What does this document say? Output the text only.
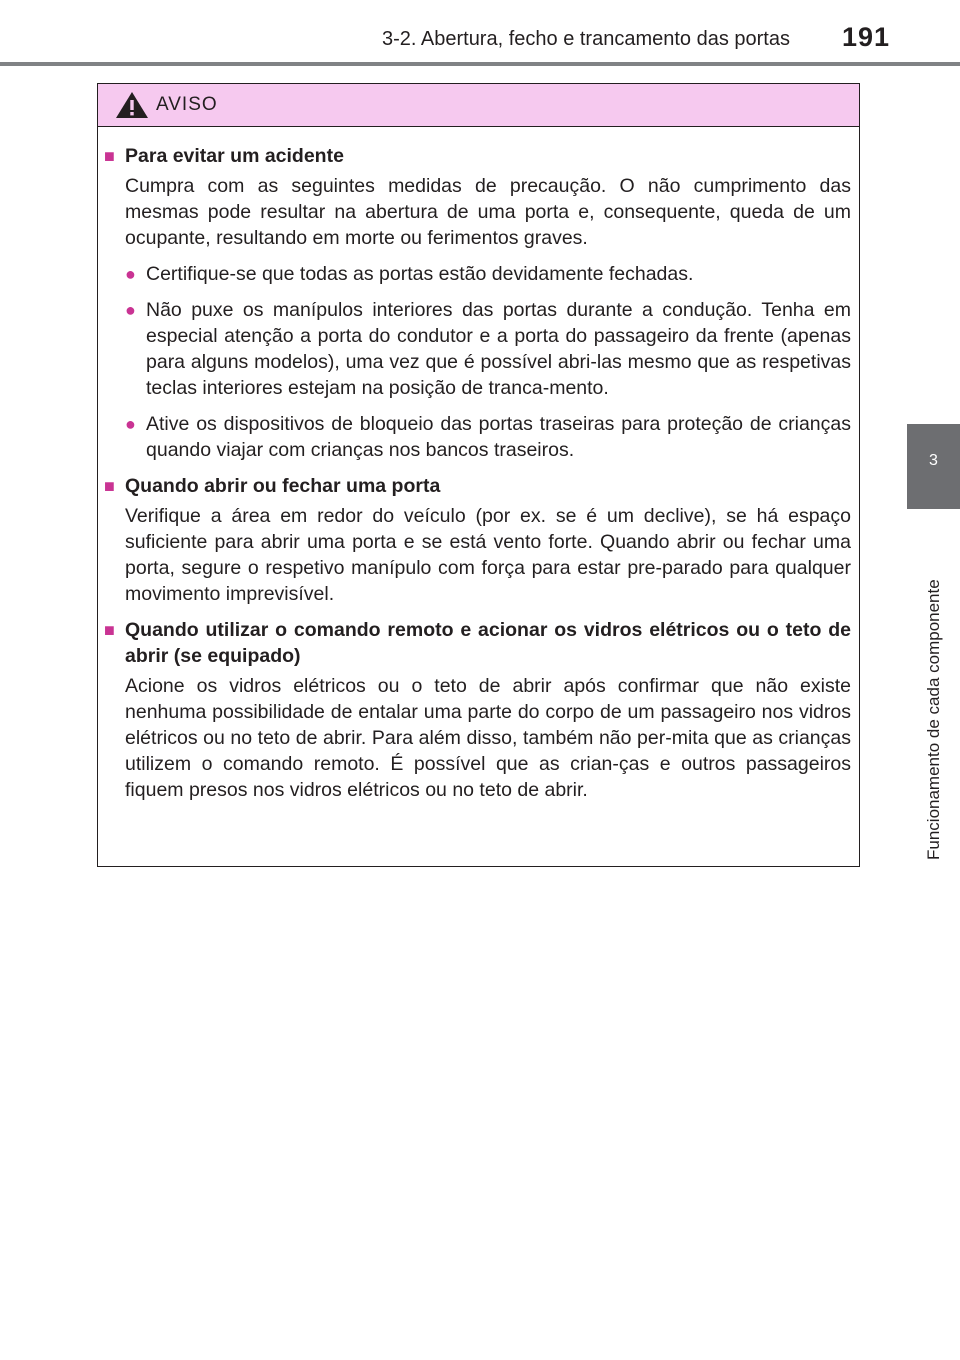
3-2. Abertura, fecho e trancamento das portas	191
3
Funcionamento de cada componente
AVISO
■ Para evitar um acidente
Cumpra com as seguintes medidas de precaução. O não cumprimento das mesmas pode resultar na abertura de uma porta e, consequente, queda de um ocupante, resultando em morte ou ferimentos graves.
● Certifique-se que todas as portas estão devidamente fechadas.
● Não puxe os manípulos interiores das portas durante a condução. Tenha em especial atenção a porta do condutor e a porta do passageiro da frente (apenas para alguns modelos), uma vez que é possível abri-las mesmo que as respetivas teclas interiores estejam na posição de tranca-mento.
● Ative os dispositivos de bloqueio das portas traseiras para proteção de crianças quando viajar com crianças nos bancos traseiros.
■ Quando abrir ou fechar uma porta
Verifique a área em redor do veículo (por ex. se é um declive), se há espaço suficiente para abrir uma porta e se está vento forte. Quando abrir ou fechar uma porta, segure o respetivo manípulo com força para estar pre-parado para qualquer movimento imprevisível.
■ Quando utilizar o comando remoto e acionar os vidros elétricos ou o teto de abrir (se equipado)
Acione os vidros elétricos ou o teto de abrir após confirmar que não existe nenhuma possibilidade de entalar uma parte do corpo de um passageiro nos vidros elétricos ou no teto de abrir. Para além disso, também não per-mita que as crianças utilizem o comando remoto. É possível que as crian-ças e outros passageiros fiquem presos nos vidros elétricos ou no teto de abrir.
